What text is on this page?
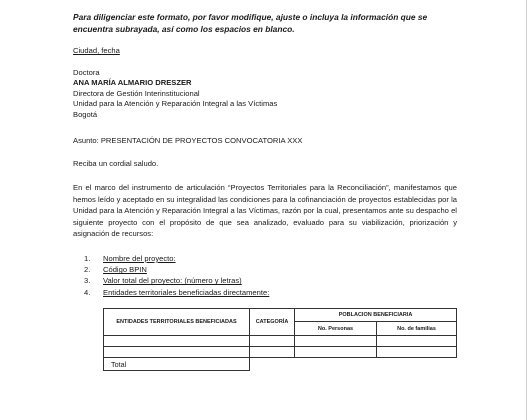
Para diligenciar este formato, por favor modifique, ajuste o incluya la información que se encuentra subrayada, así como los espacios en blanco.

Ciudad, fecha

Doctora

ANA MARÍA ALMARIO DRESZER

Directora de Gestión Interinstitucional

Unidad para la Atención y Reparación Integral a las Víctimas

Bogotá

Asunto: PRESENTACIÓN DE PROYECTOS CONVOCATORIA XXX

Reciba un cordial saludo.

En el marco del instrumento de articulación “Proyectos Territoriales para la Reconciliación”, manifestamos que hemos leído y aceptado en su integralidad las condiciones para la cofinanciación de proyectos establecidas por la Unidad para la Atención y Reparación Integral a las Víctimas, razón por la cual, presentamos ante su despacho el siguiente proyecto con el propósito de que sea analizado, evaluado para su viabilización, priorización y asignación de recursos:

1. Nombre del proyecto:
2. Código BPIN
3. Valor total del proyecto: (número y letras)
4. Entidades territoriales beneficiadas directamente:
ENTIDADES TERRITORIALES BENEFICIADAS	CATEGORÍA	POBLACION BENEFICIARIA	
		No. Personas	No. de familias

Total			
